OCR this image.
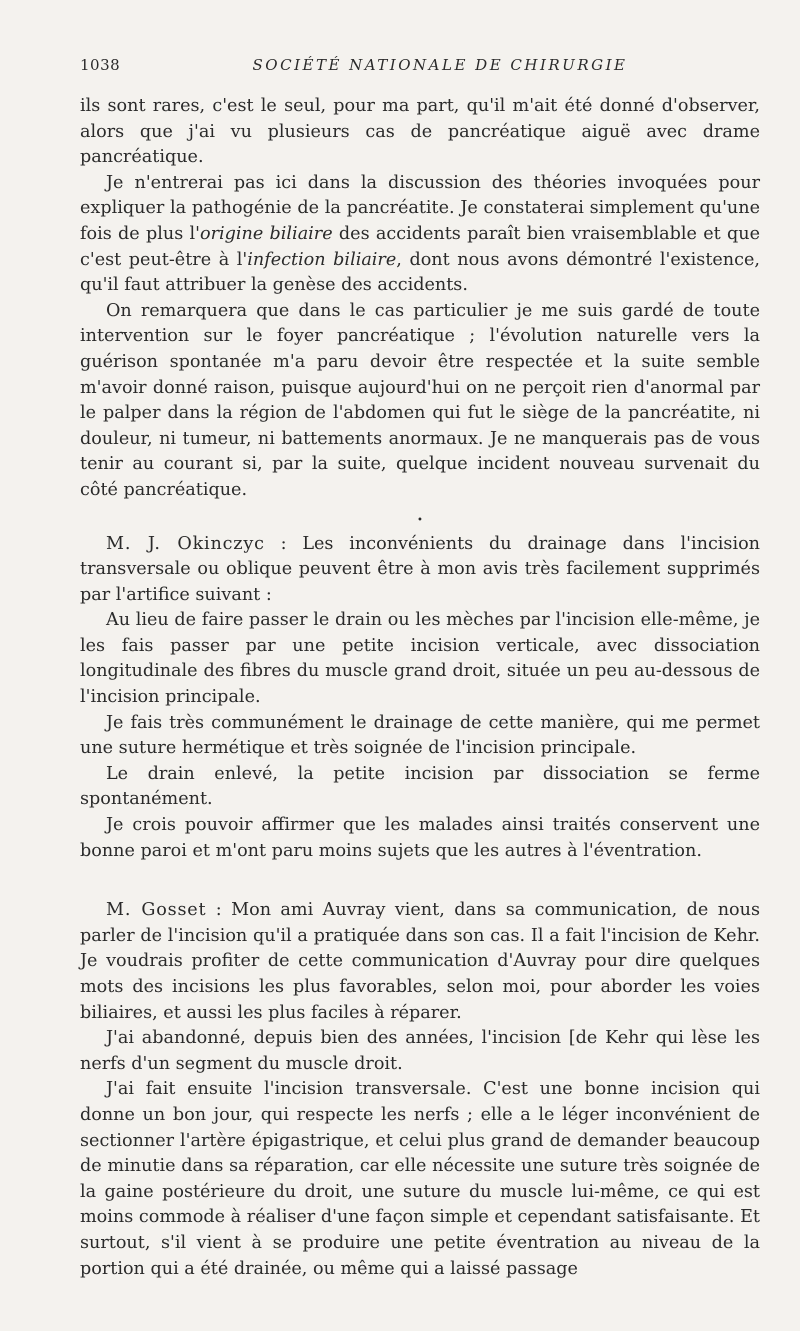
1038	SOCIÉTÉ NATIONALE DE CHIRURGIE

ils sont rares, c'est le seul, pour ma part, qu'il m'ait été donné d'observer, alors que j'ai vu plusieurs cas de pancréatique aiguë avec drame pancréatique.

Je n'entrerai pas ici dans la discussion des théories invoquées pour expliquer la pathogénie de la pancréatite. Je constaterai simplement qu'une fois de plus l'origine biliaire des accidents paraît bien vraisemblable et que c'est peut-être à l'infection biliaire, dont nous avons démontré l'existence, qu'il faut attribuer la genèse des accidents.

On remarquera que dans le cas particulier je me suis gardé de toute intervention sur le foyer pancréatique ; l'évolution naturelle vers la guérison spontanée m'a paru devoir être respectée et la suite semble m'avoir donné raison, puisque aujourd'hui on ne perçoit rien d'anormal par le palper dans la région de l'abdomen qui fut le siège de la pancréatite, ni douleur, ni tumeur, ni battements anormaux. Je ne manquerais pas de vous tenir au courant si, par la suite, quelque incident nouveau survenait du côté pancréatique.

•

M. J. Okinczyc : Les inconvénients du drainage dans l'incision transversale ou oblique peuvent être à mon avis très facilement supprimés par l'artifice suivant :

Au lieu de faire passer le drain ou les mèches par l'incision elle-même, je les fais passer par une petite incision verticale, avec dissociation longitudinale des fibres du muscle grand droit, située un peu au-dessous de l'incision principale.

Je fais très communément le drainage de cette manière, qui me permet une suture hermétique et très soignée de l'incision principale.

Le drain enlevé, la petite incision par dissociation se ferme spontanément.

Je crois pouvoir affirmer que les malades ainsi traités conservent une bonne paroi et m'ont paru moins sujets que les autres à l'éventration.

M. Gosset : Mon ami Auvray vient, dans sa communication, de nous parler de l'incision qu'il a pratiquée dans son cas. Il a fait l'incision de Kehr. Je voudrais profiter de cette communication d'Auvray pour dire quelques mots des incisions les plus favorables, selon moi, pour aborder les voies biliaires, et aussi les plus faciles à réparer.

J'ai abandonné, depuis bien des années, l'incision [de Kehr qui lèse les nerfs d'un segment du muscle droit.

J'ai fait ensuite l'incision transversale. C'est une bonne incision qui donne un bon jour, qui respecte les nerfs ; elle a le léger inconvénient de sectionner l'artère épigastrique, et celui plus grand de demander beaucoup de minutie dans sa réparation, car elle nécessite une suture très soignée de la gaine postérieure du droit, une suture du muscle lui-même, ce qui est moins commode à réaliser d'une façon simple et cependant satisfaisante. Et surtout, s'il vient à se produire une petite éventration au niveau de la portion qui a été drainée, ou même qui a laissé passage
